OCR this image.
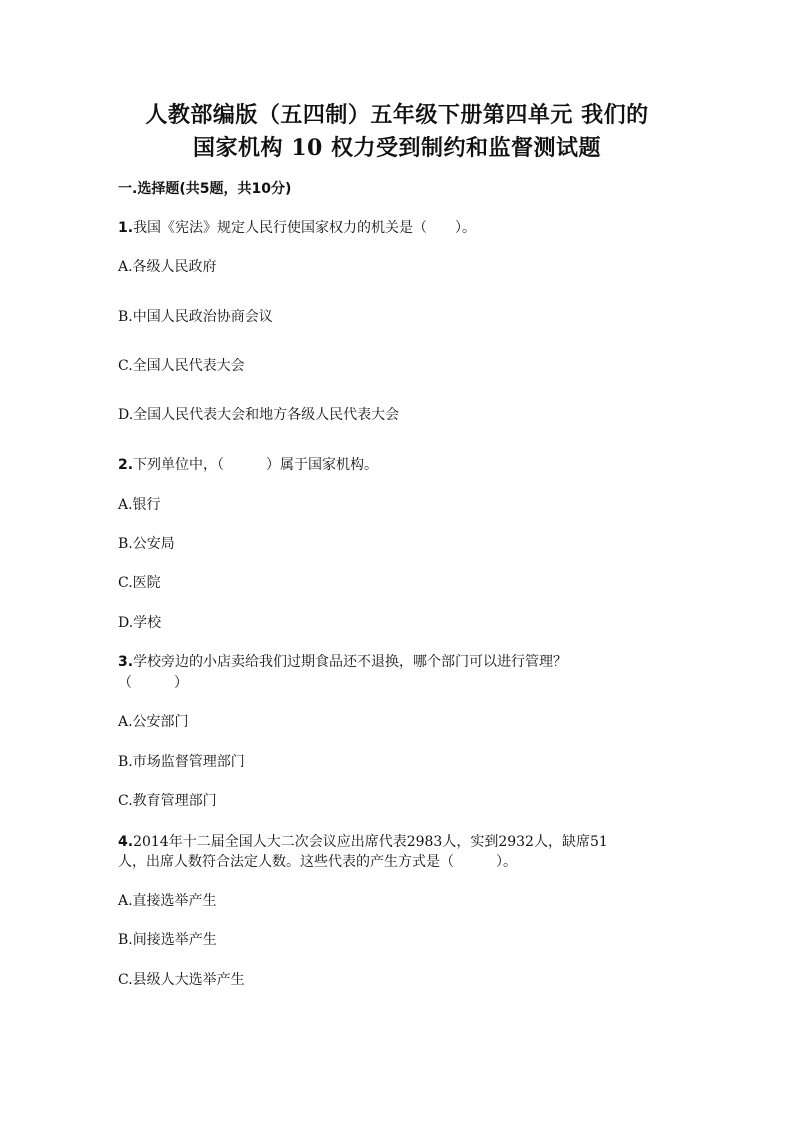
人教部编版（五四制）五年级下册第四单元 我们的
国家机构 10 权力受到制约和监督测试题
一.选择题(共5题，共10分)
1.我国《宪法》规定人民行使国家权力的机关是（　　）。
A.各级人民政府
B.中国人民政治协商会议
C.全国人民代表大会
D.全国人民代表大会和地方各级人民代表大会
2.下列单位中，（　　　）属于国家机构。
A.银行
B.公安局
C.医院
D.学校
3.学校旁边的小店卖给我们过期食品还不退换，哪个部门可以进行管理？
（　　　）
A.公安部门
B.市场监督管理部门
C.教育管理部门
4.2014年十二届全国人大二次会议应出席代表2983人，实到2932人，缺席51
人，出席人数符合法定人数。这些代表的产生方式是（　　　）。
A.直接选举产生
B.间接选举产生
C.县级人大选举产生
